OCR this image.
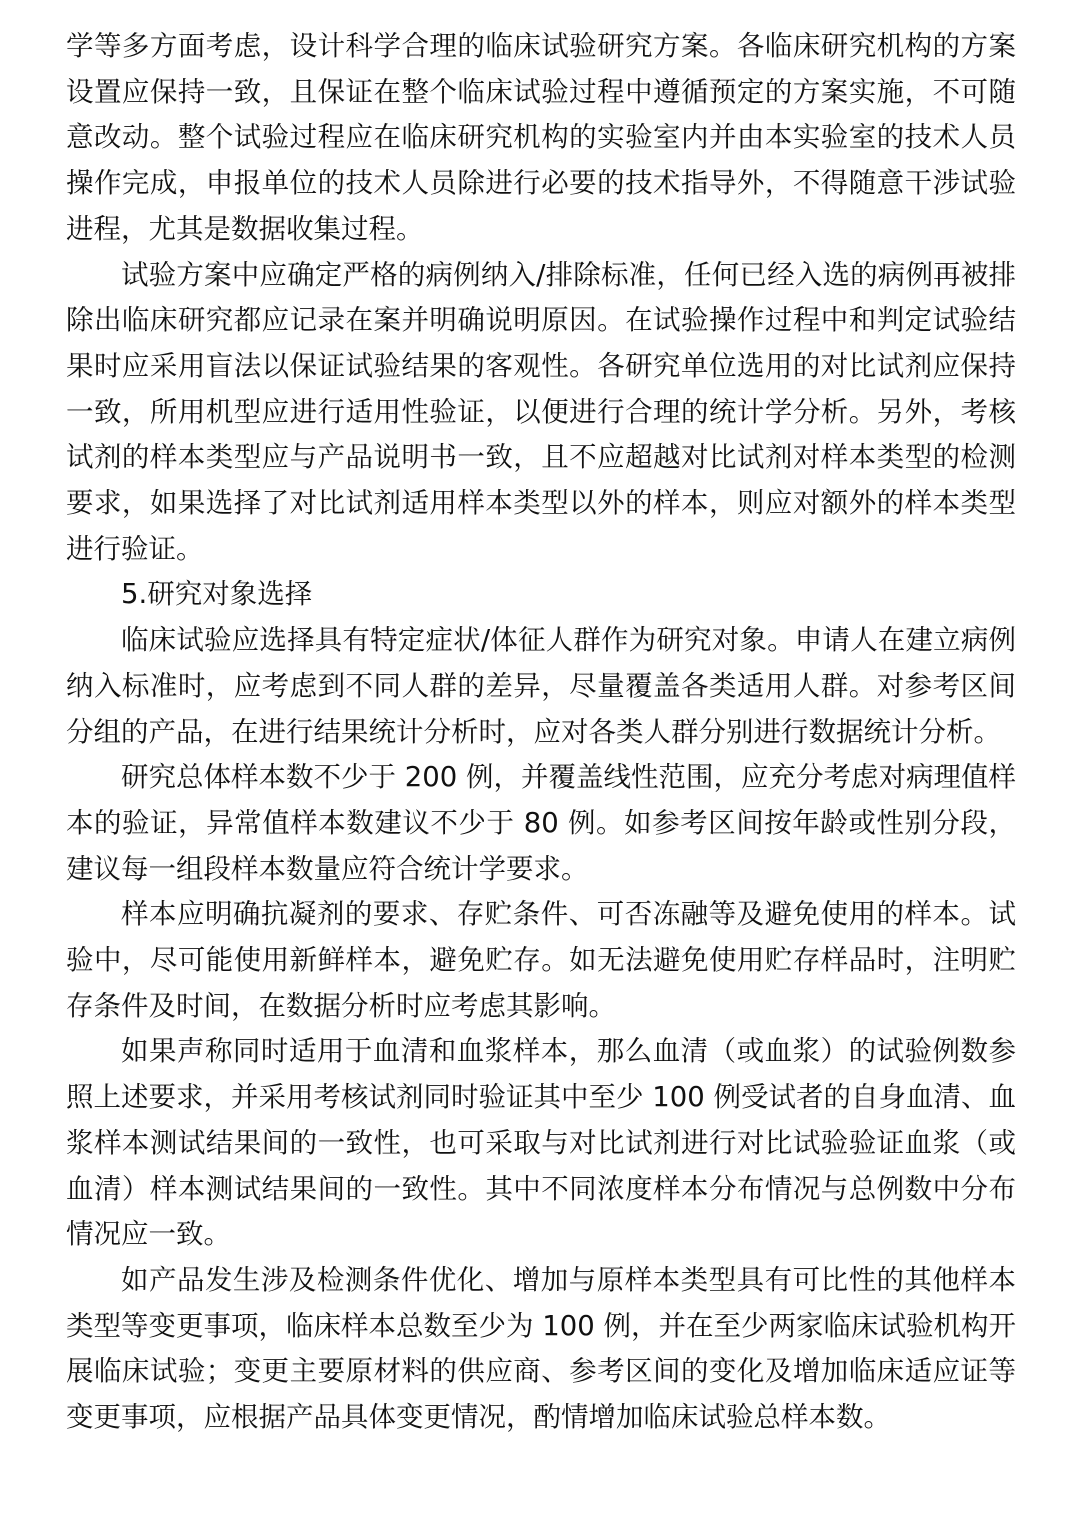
学等多方面考虑，设计科学合理的临床试验研究方案。各临床研究机构的方案设置应保持一致，且保证在整个临床试验过程中遵循预定的方案实施，不可随意改动。整个试验过程应在临床研究机构的实验室内并由本实验室的技术人员操作完成，申报单位的技术人员除进行必要的技术指导外，不得随意干涉试验进程，尤其是数据收集过程。

试验方案中应确定严格的病例纳入/排除标准，任何已经入选的病例再被排除出临床研究都应记录在案并明确说明原因。在试验操作过程中和判定试验结果时应采用盲法以保证试验结果的客观性。各研究单位选用的对比试剂应保持一致，所用机型应进行适用性验证，以便进行合理的统计学分析。另外，考核试剂的样本类型应与产品说明书一致，且不应超越对比试剂对样本类型的检测要求，如果选择了对比试剂适用样本类型以外的样本，则应对额外的样本类型进行验证。

5.研究对象选择

临床试验应选择具有特定症状/体征人群作为研究对象。申请人在建立病例纳入标准时，应考虑到不同人群的差异，尽量覆盖各类适用人群。对参考区间分组的产品，在进行结果统计分析时，应对各类人群分别进行数据统计分析。

研究总体样本数不少于 200 例，并覆盖线性范围，应充分考虑对病理值样本的验证，异常值样本数建议不少于 80 例。如参考区间按年龄或性别分段，建议每一组段样本数量应符合统计学要求。

样本应明确抗凝剂的要求、存贮条件、可否冻融等及避免使用的样本。试验中，尽可能使用新鲜样本，避免贮存。如无法避免使用贮存样品时，注明贮存条件及时间，在数据分析时应考虑其影响。

如果声称同时适用于血清和血浆样本，那么血清（或血浆）的试验例数参照上述要求，并采用考核试剂同时验证其中至少 100 例受试者的自身血清、血浆样本测试结果间的一致性，也可采取与对比试剂进行对比试验验证血浆（或血清）样本测试结果间的一致性。其中不同浓度样本分布情况与总例数中分布情况应一致。

如产品发生涉及检测条件优化、增加与原样本类型具有可比性的其他样本类型等变更事项，临床样本总数至少为 100 例，并在至少两家临床试验机构开展临床试验；变更主要原材料的供应商、参考区间的变化及增加临床适应证等变更事项，应根据产品具体变更情况，酌情增加临床试验总样本数。
